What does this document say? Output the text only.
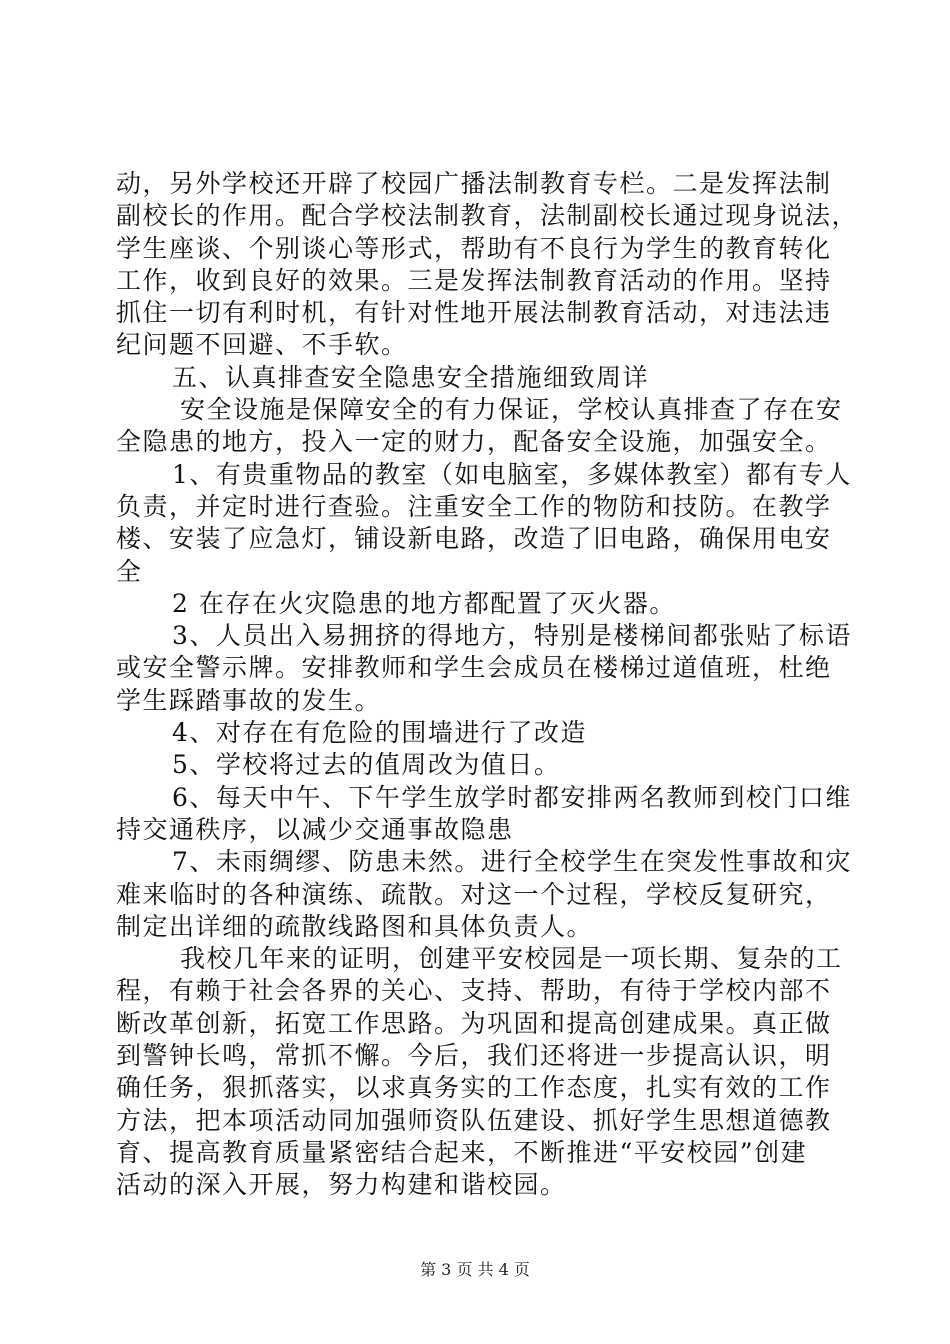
动，另外学校还开辟了校园广播法制教育专栏。二是发挥法制
副校长的作用。配合学校法制教育，法制副校长通过现身说法，
学生座谈、个别谈心等形式，帮助有不良行为学生的教育转化
工作，收到良好的效果。三是发挥法制教育活动的作用。坚持
抓住一切有利时机，有针对性地开展法制教育活动，对违法违
纪问题不回避、不手软。
五、认真排查安全隐患安全措施细致周详
安全设施是保障安全的有力保证，学校认真排查了存在安
全隐患的地方，投入一定的财力，配备安全设施，加强安全。
1、有贵重物品的教室（如电脑室，多媒体教室）都有专人
负责，并定时进行查验。注重安全工作的物防和技防。在教学
楼、安装了应急灯，铺设新电路，改造了旧电路，确保用电安
全
2 在存在火灾隐患的地方都配置了灭火器。
3、人员出入易拥挤的得地方，特别是楼梯间都张贴了标语
或安全警示牌。安排教师和学生会成员在楼梯过道值班，杜绝
学生踩踏事故的发生。
4、对存在有危险的围墙进行了改造
5、学校将过去的值周改为值日。
6、每天中午、下午学生放学时都安排两名教师到校门口维
持交通秩序，以减少交通事故隐患
7、未雨绸缪、防患未然。进行全校学生在突发性事故和灾
难来临时的各种演练、疏散。对这一个过程，学校反复研究，
制定出详细的疏散线路图和具体负责人。
我校几年来的证明，创建平安校园是一项长期、复杂的工
程，有赖于社会各界的关心、支持、帮助，有待于学校内部不
断改革创新，拓宽工作思路。为巩固和提高创建成果。真正做
到警钟长鸣，常抓不懈。今后，我们还将进一步提高认识，明
确任务，狠抓落实，以求真务实的工作态度，扎实有效的工作
方法，把本项活动同加强师资队伍建设、抓好学生思想道德教
育、提高教育质量紧密结合起来，不断推进“平安校园”创建
活动的深入开展，努力构建和谐校园。
第 3 页 共 4 页
